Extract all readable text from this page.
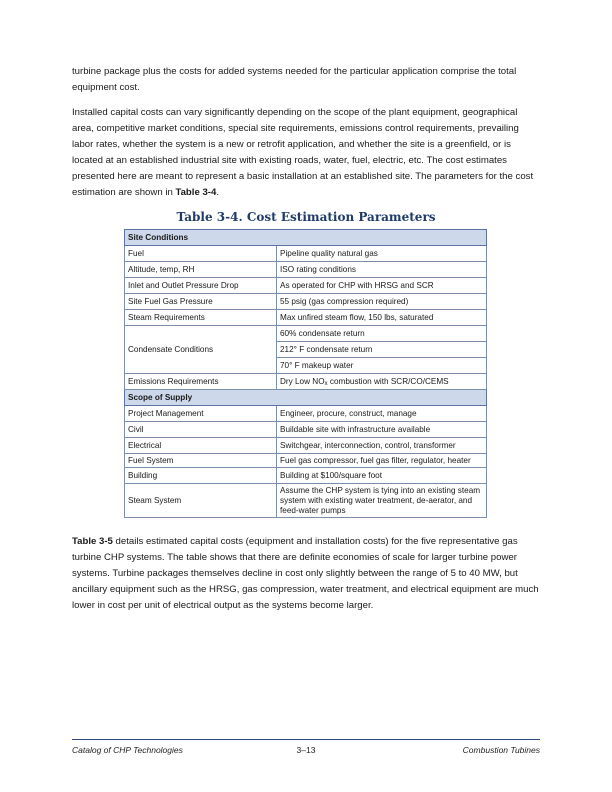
turbine package plus the costs for added systems needed for the particular application comprise the total equipment cost.

Installed capital costs can vary significantly depending on the scope of the plant equipment, geographical area, competitive market conditions, special site requirements, emissions control requirements, prevailing labor rates, whether the system is a new or retrofit application, and whether the site is a greenfield, or is located at an established industrial site with existing roads, water, fuel, electric, etc. The cost estimates presented here are meant to represent a basic installation at an established site. The parameters for the cost estimation are shown in Table 3-4.

Table 3-4. Cost Estimation Parameters

Site Conditions	
Fuel	Pipeline quality natural gas
Altitude, temp, RH	ISO rating conditions
Inlet and Outlet Pressure Drop	As operated for CHP with HRSG and SCR
Site Fuel Gas Pressure	55 psig (gas compression required)
Steam Requirements	Max unfired steam flow, 150 lbs, saturated
Condensate Conditions	60% condensate return
	212° F condensate return
	70° F makeup water
Emissions Requirements	Dry Low $NO_x$ combustion with SCR/CO/CEMS
Scope of Supply	
Project Management	Engineer, procure, construct, manage
Civil	Buildable site with infrastructure available
Electrical	Switchgear, interconnection, control, transformer
Fuel System	Fuel gas compressor, fuel gas filter, regulator, heater
Building	Building at $100/square foot
Steam System	Assume the CHP system is tying into an existing steam system with existing water treatment, de-aerator, and feed-water pumps

Table 3-5 details estimated capital costs (equipment and installation costs) for the five representative gas turbine CHP systems. The table shows that there are definite economies of scale for larger turbine power systems. Turbine packages themselves decline in cost only slightly between the range of 5 to 40 MW, but ancillary equipment such as the HRSG, gas compression, water treatment, and electrical equipment are much lower in cost per unit of electrical output as the systems become larger.

Catalog of CHP Technologies	3–13	Combustion Tubines
